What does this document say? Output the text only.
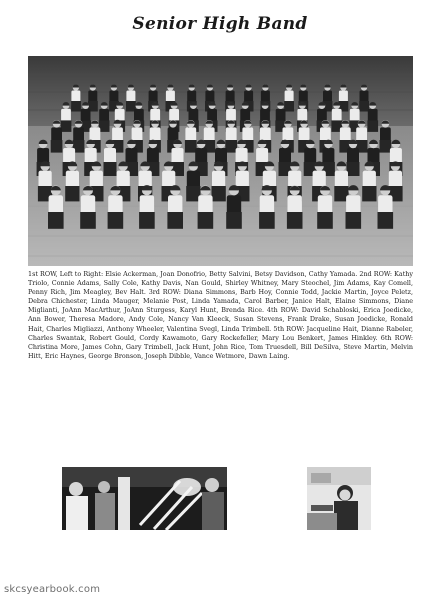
Senior High Band
1st ROW, Left to Right: Elsie Ackerman, Joan Donofrio, Betty Salvini, Betsy Davidson, Cathy Yamada. 2nd ROW: Kathy Triolo, Connie Adams, Sally Cole, Kathy Davis, Nan Gould, Shirley Whitney, Mary Steochel, Jim Adams, Kay Comell, Penny Rich, Jim Meagley, Bev Halt. 3rd ROW: Diana Simmons, Barb Hoy, Connie Todd, Jackie Martin, Joyce Peletz, Debra Chichester, Linda Mauger, Melanie Post, Linda Yamada, Carol Barber, Janice Halt, Elaine Simmons, Diane Miglianti, JoAnn MacArthur, JoAnn Sturgess, Karyl Hunt, Brenda Rice. 4th ROW: David Schabloski, Erica Joedicke, Ann Bower, Theresa Madore, Andy Cole, Nancy Van Kleeck, Susan Stevens, Frank Drake, Susan Joedicke, Ronald Hait, Charles Migliazzi, Anthony Wheeler, Valentina Svegl, Linda Trimbell. 5th ROW: Jacqueline Hait, Dianne Rabeler, Charles Swantak, Robert Gould, Cordy Kawamoto, Gary Rockefeller, Mary Lou Benkert, James Hinkley. 6th ROW: Christina More, James Cohn, Gary Trimbell, Jack Hunt, John Rice, Tom Truesdell, Bill DeSilva, Steve Martin, Melvin Hitt, Eric Haynes, George Bronson, Joseph Dibble, Vance Wetmore, Dawn Laing.
skcsyearbook.com
